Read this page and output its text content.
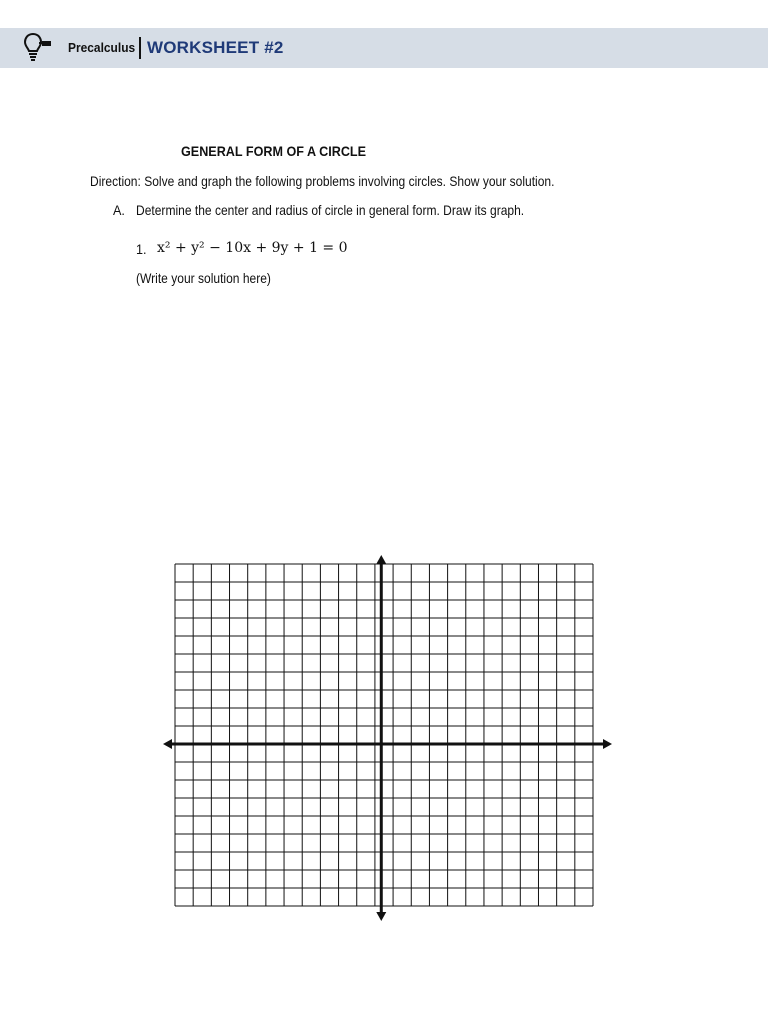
Precalculus WORKSHEET #2
GENERAL FORM OF A CIRCLE
Direction: Solve and graph the following problems involving circles. Show your solution.
A. Determine the center and radius of circle in general form. Draw its graph.
1. x² + y² − 10x + 9y + 1 = 0
(Write your solution here)
